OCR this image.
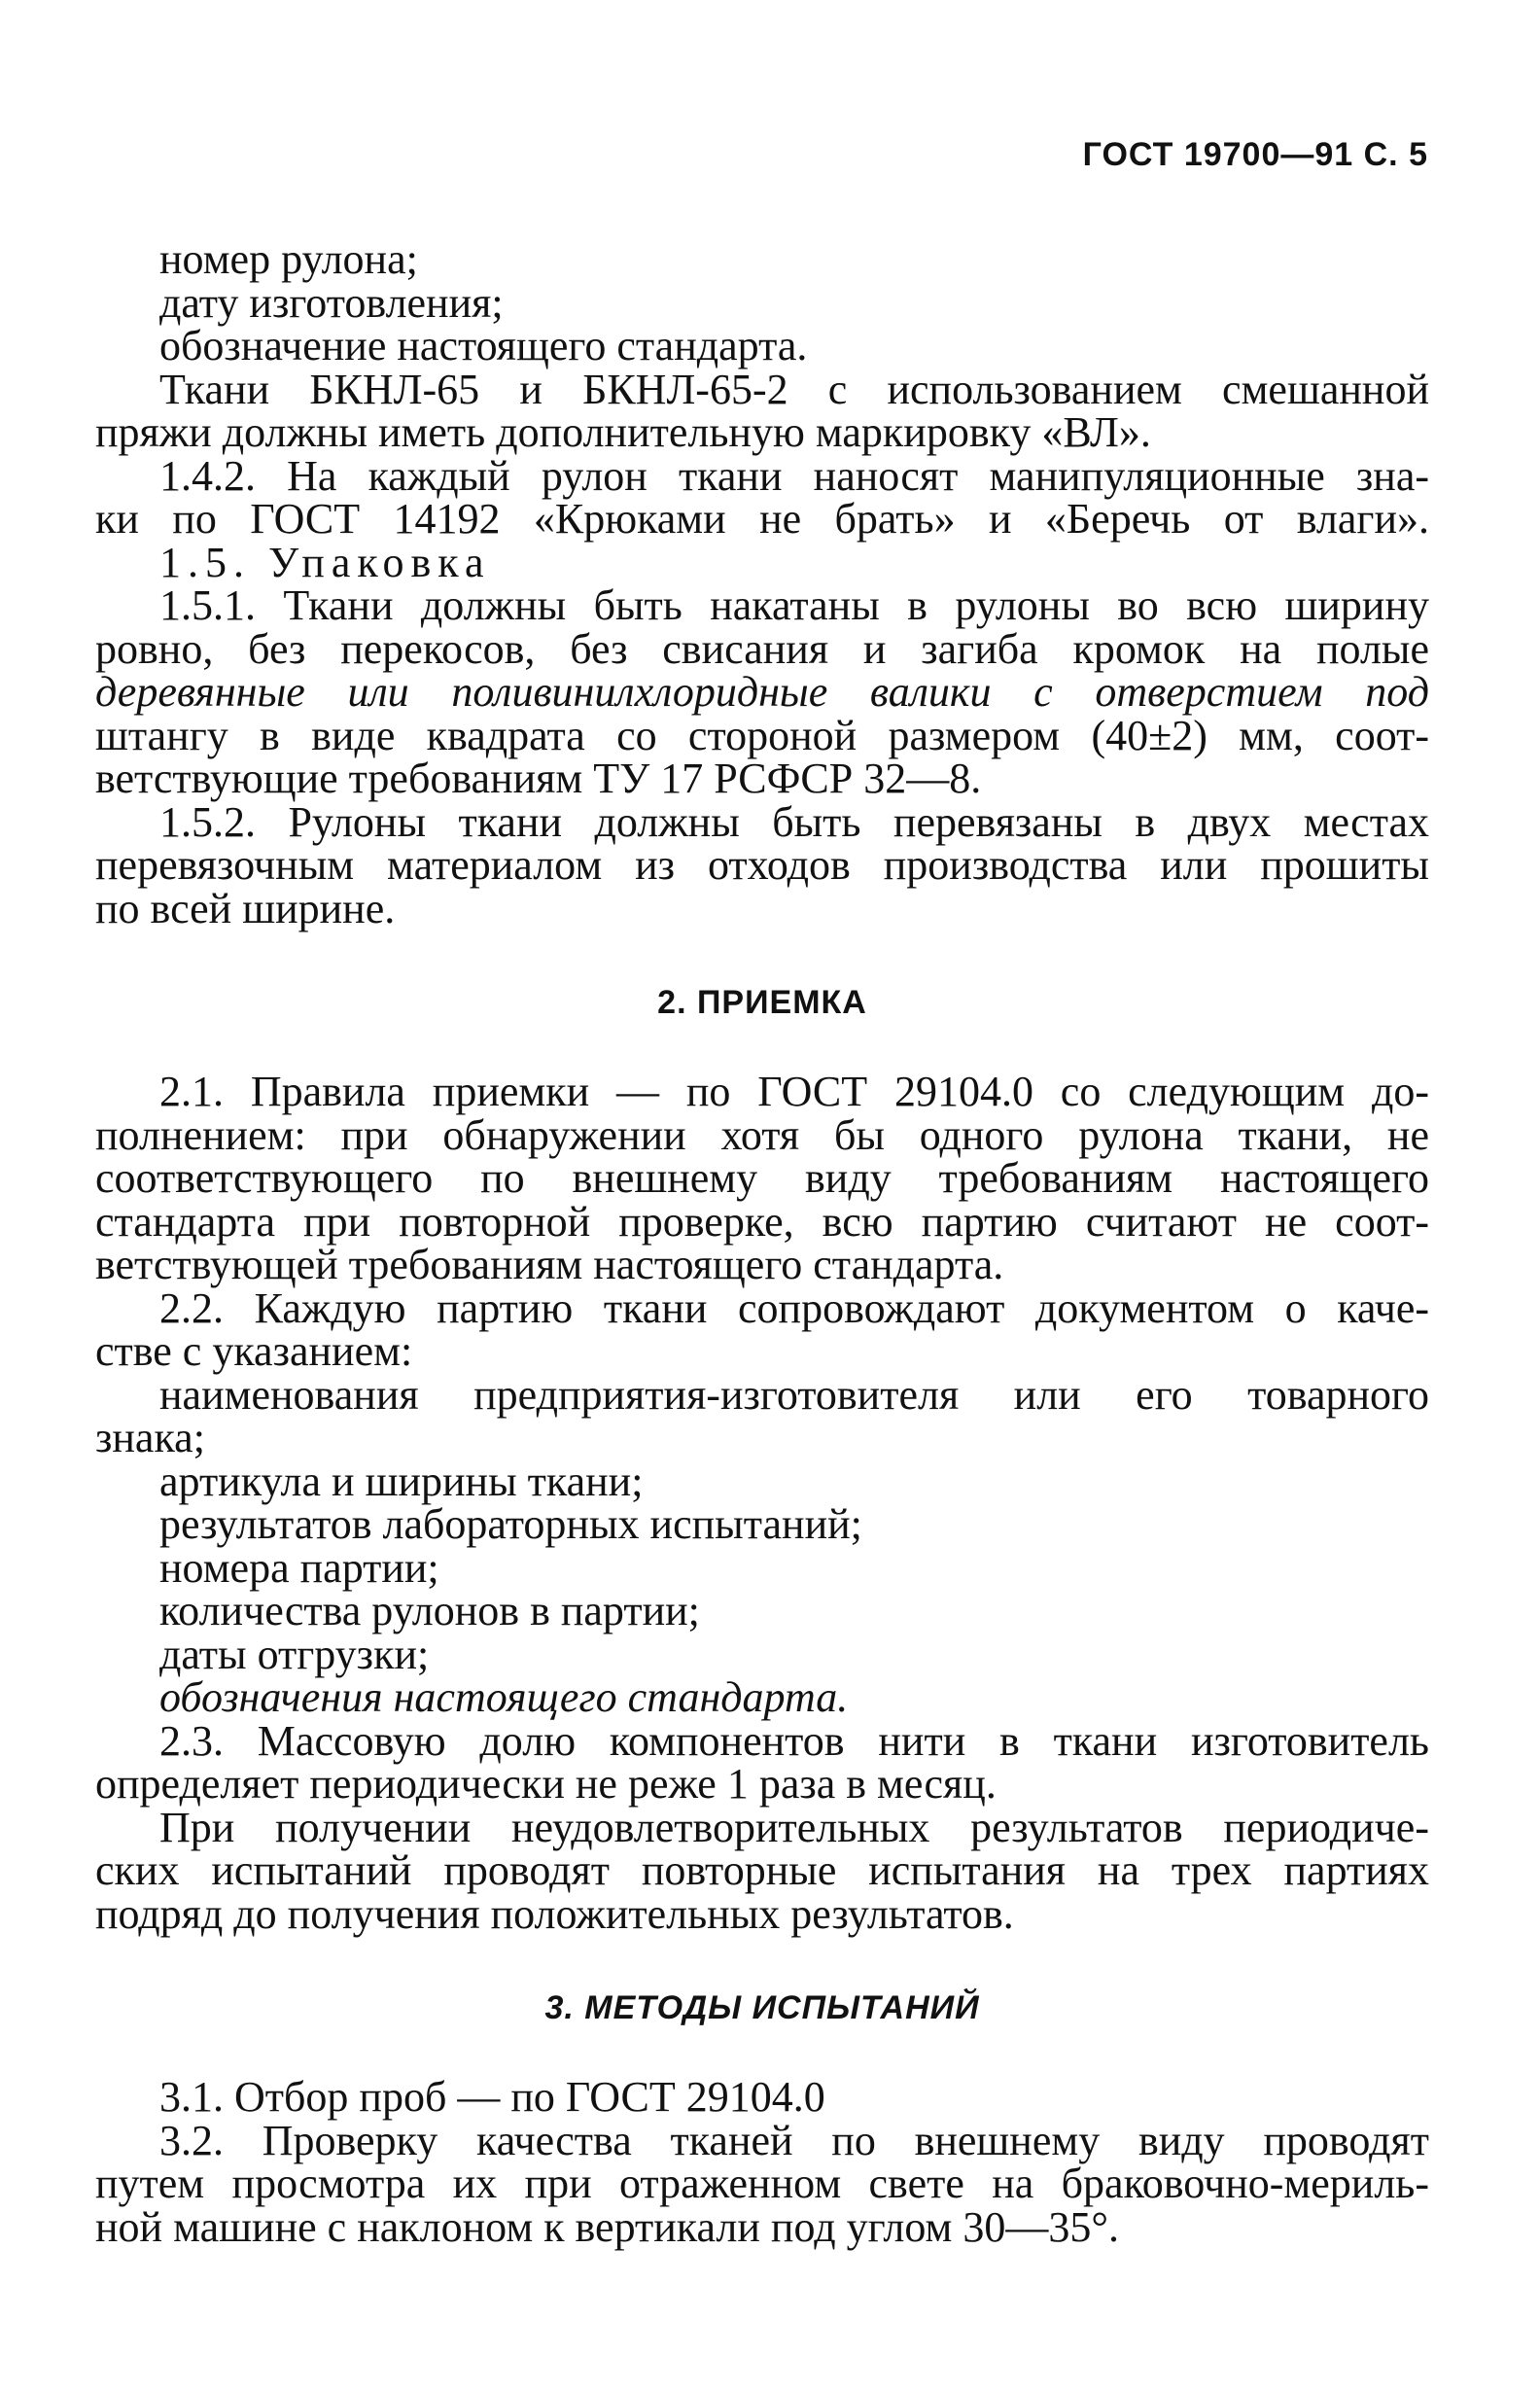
ГОСТ 19700—91 С. 5
номер рулона;
дату изготовления;
обозначение настоящего стандарта.
Ткани БКНЛ-65 и БКНЛ-65-2 с использованием смешанной
пряжи должны иметь дополнительную маркировку «ВЛ».
1.4.2. На каждый рулон ткани наносят манипуляционные зна-
ки по ГОСТ 14192 «Крюками не брать» и «Беречь от влаги».
1.5. Упаковка
1.5.1. Ткани должны быть накатаны в рулоны во всю ширину
ровно, без перекосов, без свисания и загиба кромок на полые
деревянные или поливинилхлоридные валики с отверстием под
штангу в виде квадрата со стороной размером (40±2) мм, соот-
ветствующие требованиям ТУ 17 РСФСР 32—8.
1.5.2. Рулоны ткани должны быть перевязаны в двух местах
перевязочным материалом из отходов производства или прошиты
по всей ширине.
2. ПРИЕМКА
2.1. Правила приемки — по ГОСТ 29104.0 со следующим до-
полнением: при обнаружении хотя бы одного рулона ткани, не
соответствующего по внешнему виду требованиям настоящего
стандарта при повторной проверке, всю партию считают не соот-
ветствующей требованиям настоящего стандарта.
2.2. Каждую партию ткани сопровождают документом о каче-
стве с указанием:
наименования предприятия-изготовителя или его товарного
знака;
артикула и ширины ткани;
результатов лабораторных испытаний;
номера партии;
количества рулонов в партии;
даты отгрузки;
обозначения настоящего стандарта.
2.3. Массовую долю компонентов нити в ткани изготовитель
определяет периодически не реже 1 раза в месяц.
При получении неудовлетворительных результатов периодиче-
ских испытаний проводят повторные испытания на трех партиях
подряд до получения положительных результатов.
3. МЕТОДЫ ИСПЫТАНИЙ
3.1. Отбор проб — по ГОСТ 29104.0
3.2. Проверку качества тканей по внешнему виду проводят
путем просмотра их при отраженном свете на браковочно-мериль-
ной машине с наклоном к вертикали под углом 30—35°.
